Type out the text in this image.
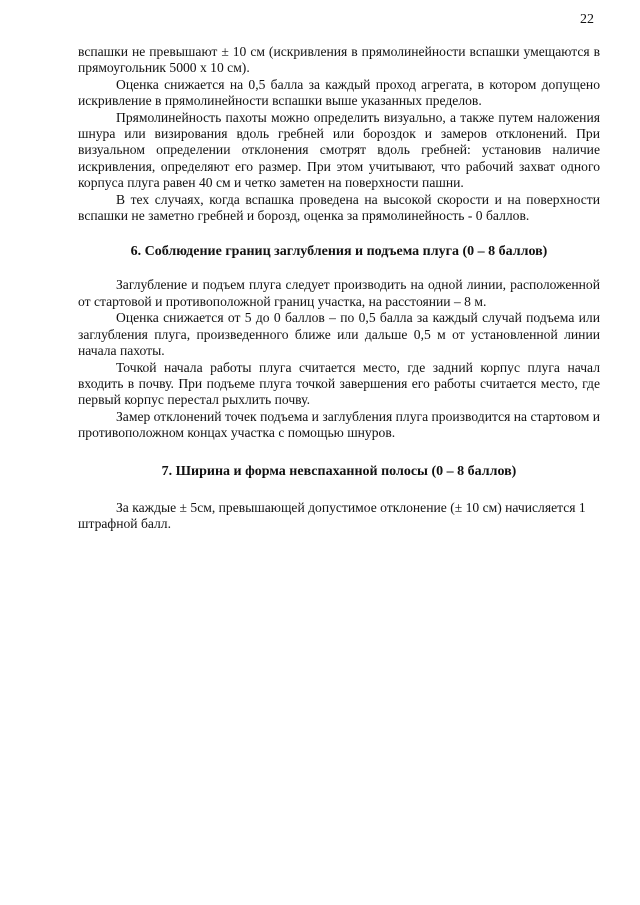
22

вспашки не превышают ± 10 см (искривления в прямолинейности вспашки умещаются в прямоугольник 5000 х 10 см).

Оценка снижается на 0,5 балла за каждый проход агрегата, в котором допущено искривление в прямолинейности вспашки выше указанных пределов.

Прямолинейность пахоты можно определить визуально, а также путем наложения шнура или визирования вдоль гребней или бороздок и замеров отклонений. При визуальном определении отклонения смотрят вдоль гребней: установив наличие искривления, определяют его размер. При этом учитывают, что рабочий захват одного корпуса плуга равен 40 см и четко заметен на поверхности пашни.

В тех случаях, когда вспашка проведена на высокой скорости и на поверхности вспашки не заметно гребней и борозд, оценка за прямолинейность - 0 баллов.

6. Соблюдение границ заглубления и подъема плуга (0 – 8 баллов)

Заглубление и подъем плуга следует производить на одной линии, расположенной от стартовой и противоположной границ участка, на расстоянии – 8 м.

Оценка снижается от 5 до 0 баллов – по 0,5 балла за каждый случай подъема или заглубления плуга, произведенного ближе или дальше 0,5 м от установленной линии начала пахоты.

Точкой начала работы плуга считается место, где задний корпус плуга начал входить в почву. При подъеме плуга точкой завершения его работы считается место, где первый корпус перестал рыхлить почву.

Замер отклонений точек подъема и заглубления плуга производится на стартовом и противоположном концах участка с помощью шнуров.

7. Ширина и форма невспаханной полосы (0 – 8 баллов)

За каждые ± 5см, превышающей допустимое отклонение (± 10 см) начисляется 1 штрафной балл.
